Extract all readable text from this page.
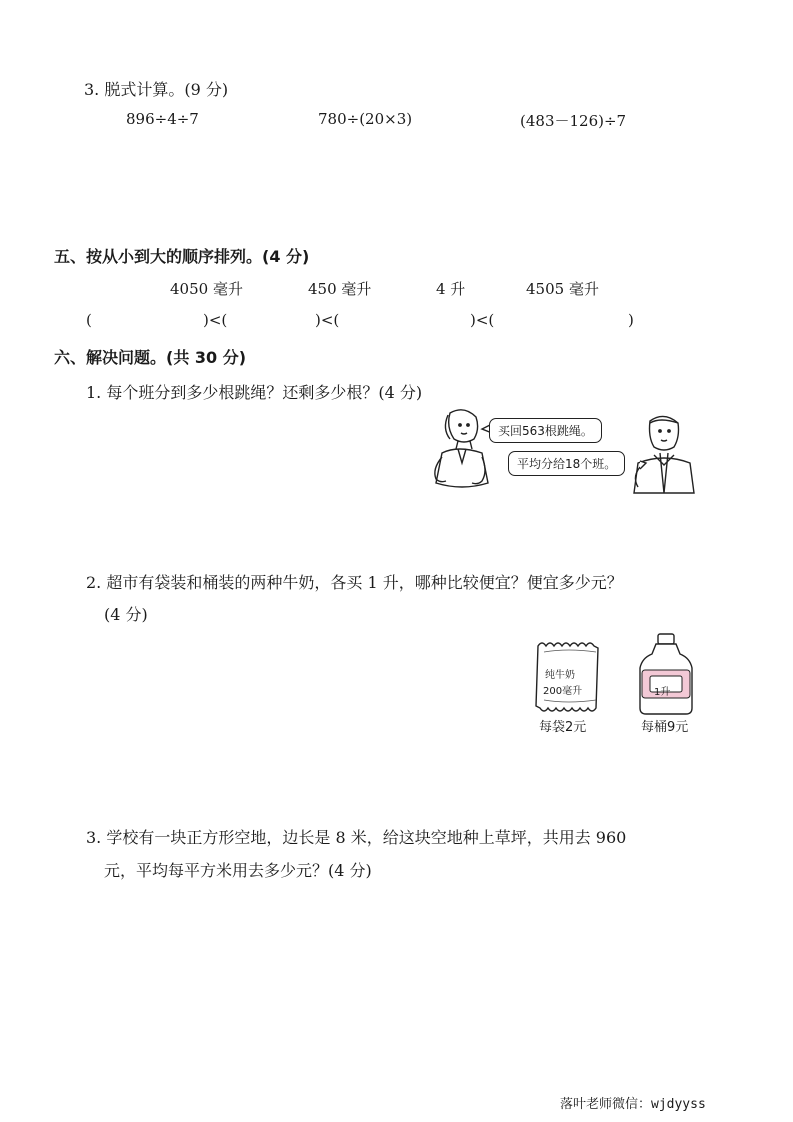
3. 脱式计算。(9 分)
896÷4÷7	780÷(20×3)	(483－126)÷7
五、按从小到大的顺序排列。(4 分)
4050 毫升	450 毫升	4 升	4505 毫升
(	)<(	)<(	)<(	)
六、解决问题。(共 30 分)
1. 每个班分到多少根跳绳？还剩多少根？(4 分)
买回563根跳绳。
平均分给18个班。
2. 超市有袋装和桶装的两种牛奶，各买 1 升，哪种比较便宜？便宜多少元？
(4 分)
纯牛奶
200毫升
每袋2元
1升
每桶9元
3. 学校有一块正方形空地，边长是 8 米，给这块空地种上草坪，共用去 960
元，平均每平方米用去多少元？(4 分)
落叶老师微信：wjdyyss
